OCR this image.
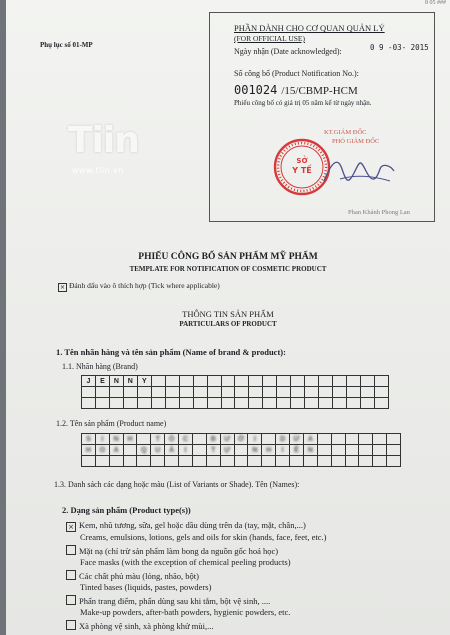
8 05 ###
Phụ lục số 01-MP
Tiin
www.tiin.vn
PHẦN DÀNH CHO CƠ QUAN QUẢN LÝ
(FOR OFFICIAL USE)
Ngày nhận (Date acknowledged):	0 9 -03- 2015
Số công bố (Product Notification No.):
001024 /15/CBMP-HCM
Phiếu công bố có giá trị 05 năm kể từ ngày nhận.
KT.GIÁM ĐỐC
PHÓ GIÁM ĐỐC
SỞ
Y TẾ
Phan Khánh Phong Lan
PHIẾU CÔNG BỐ SẢN PHẨM MỸ PHẨM
TEMPLATE FOR NOTIFICATION OF COSMETIC PRODUCT
× Đánh dấu vào ô thích hợp (Tick where applicable)
THÔNG TIN SẢN PHẨM
PARTICULARS OF PRODUCT
1. Tên nhãn hàng và tên sản phẩm (Name of brand & product):
1.1. Nhãn hàng (Brand)
J	E	N	N	Y
1.2. Tên sản phẩm (Product name)
S	I	N	H	T	Ó	C	B	Ư	Ở	I	D	Ừ	A
H	O	A	Q	U	Ả	I	T	Ự	N	H	I	Ê	N
1.3. Danh sách các dạng hoặc màu (List of Variants or Shade). Tên (Names):
2. Dạng sản phẩm (Product type(s))
× Kem, nhũ tương, sữa, gel hoặc dầu dùng trên da (tay, mặt, chân,...)
Creams, emulsions, lotions, gels and oils for skin (hands, face, feet, etc.)
Mặt nạ (chỉ trừ sản phẩm làm bong da nguồn gốc hoá học)
Face masks (with the exception of chemical peeling products)
Các chất phủ màu (lỏng, nhão, bột)
Tinted bases (liquids, pastes, powders)
Phấn trang điểm, phấn dùng sau khi tắm, bột vệ sinh, ....
Make-up powders, after-bath powders, hygienic powders, etc.
Xà phòng vệ sinh, xà phòng khử mùi,...
